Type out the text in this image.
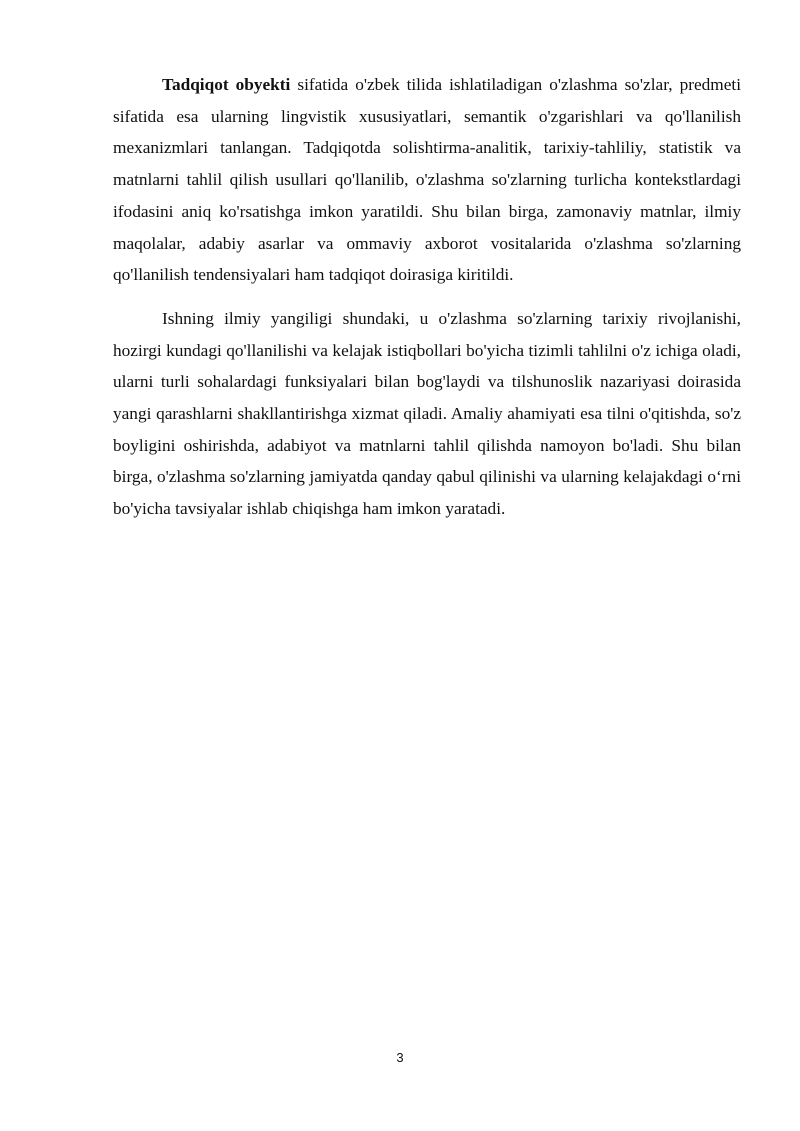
Tadqiqot obyekti sifatida o'zbek tilida ishlatiladigan o'zlashma so'zlar, predmeti sifatida esa ularning lingvistik xususiyatlari, semantik o'zgarishlari va qo'llanilish mexanizmlari tanlangan. Tadqiqotda solishtirma-analitik, tarixiy-tahliliy, statistik va matnlarni tahlil qilish usullari qo'llanilib, o'zlashma so'zlarning turlicha kontekstlardagi ifodasini aniq ko'rsatishga imkon yaratildi. Shu bilan birga, zamonaviy matnlar, ilmiy maqolalar, adabiy asarlar va ommaviy axborot vositalarida o'zlashma so'zlarning qo'llanilish tendensiyalari ham tadqiqot doirasiga kiritildi.

Ishning ilmiy yangiligi shundaki, u o'zlashma so'zlarning tarixiy rivojlanishi, hozirgi kundagi qo'llanilishi va kelajak istiqbollari bo'yicha tizimli tahlilni o'z ichiga oladi, ularni turli sohalardagi funksiyalari bilan bog'laydi va tilshunoslik nazariyasi doirasida yangi qarashlarni shakllantirishga xizmat qiladi. Amaliy ahamiyati esa tilni o'qitishda, so'z boyligini oshirishda, adabiyot va matnlarni tahlil qilishda namoyon bo'ladi. Shu bilan birga, o'zlashma so'zlarning jamiyatda qanday qabul qilinishi va ularning kelajakdagi o‘rni bo'yicha tavsiyalar ishlab chiqishga ham imkon yaratadi.

3
